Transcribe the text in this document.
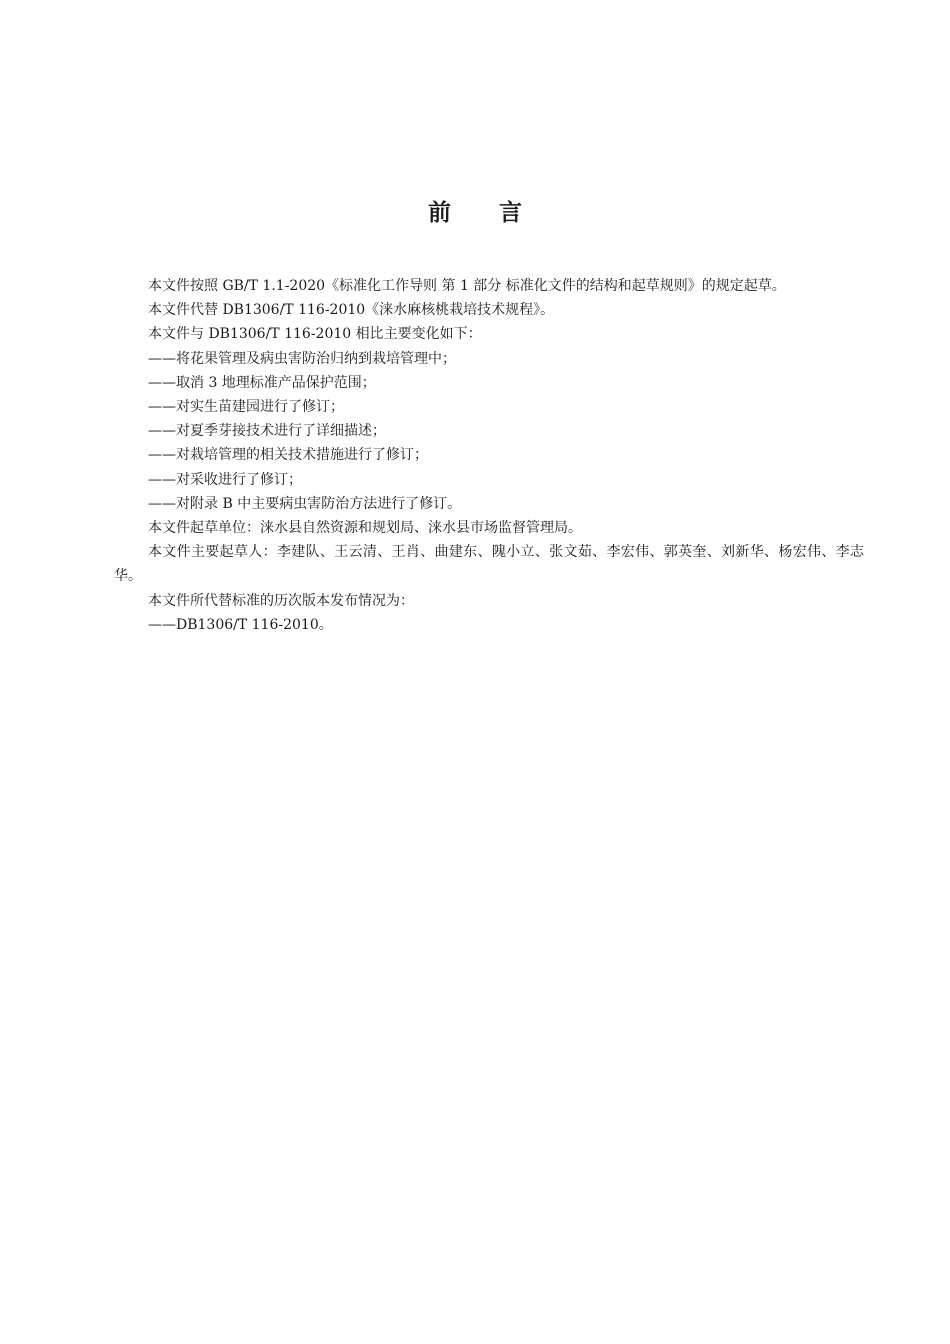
前 言

本文件按照 GB/T 1.1-2020《标准化工作导则 第 1 部分 标准化文件的结构和起草规则》的规定起草。

本文件代替 DB1306/T 116-2010《涞水麻核桃栽培技术规程》。

本文件与 DB1306/T 116-2010 相比主要变化如下：

——将花果管理及病虫害防治归纳到栽培管理中；

——取消 3 地理标准产品保护范围；

——对实生苗建园进行了修订；

——对夏季芽接技术进行了详细描述；

——对栽培管理的相关技术措施进行了修订；

——对采收进行了修订；

——对附录 B 中主要病虫害防治方法进行了修订。

本文件起草单位：涞水县自然资源和规划局、涞水县市场监督管理局。

本文件主要起草人：李建队、王云清、王肖、曲建东、隗小立、张文茹、李宏伟、郭英奎、刘新华、杨宏伟、李志华。

本文件所代替标准的历次版本发布情况为：

——DB1306/T 116-2010。
